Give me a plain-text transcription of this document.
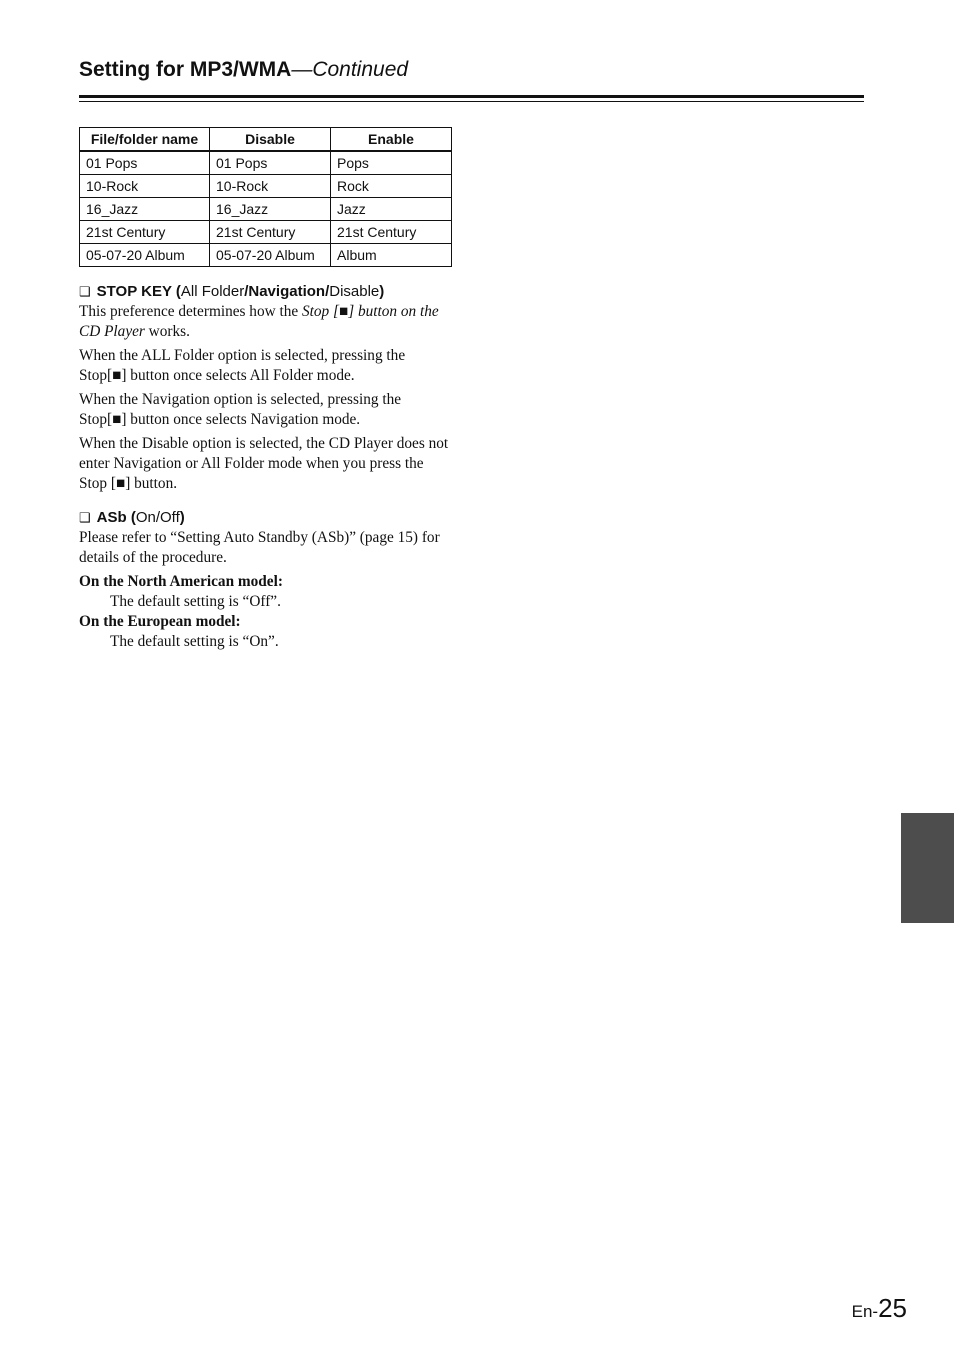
Setting for MP3/WMA—Continued
File/folder name	Disable	Enable
01 Pops	01 Pops	Pops
10-Rock	10-Rock	Rock
16_Jazz	16_Jazz	Jazz
21st Century	21st Century	21st Century
05-07-20 Album	05-07-20 Album	Album
❑ STOP KEY (All Folder/Navigation/Disable)

This preference determines how the Stop [■] button on the CD Player works.

When the ALL Folder option is selected, pressing the Stop[■] button once selects All Folder mode.

When the Navigation option is selected, pressing the Stop[■] button once selects Navigation mode.

When the Disable option is selected, the CD Player does not enter Navigation or All Folder mode when you press the Stop [■] button.

❑ ASb (On/Off)

Please refer to “Setting Auto Standby (ASb)” (page 15) for details of the procedure.

On the North American model:

The default setting is “Off”.

On the European model:

The default setting is “On”.

En-25
